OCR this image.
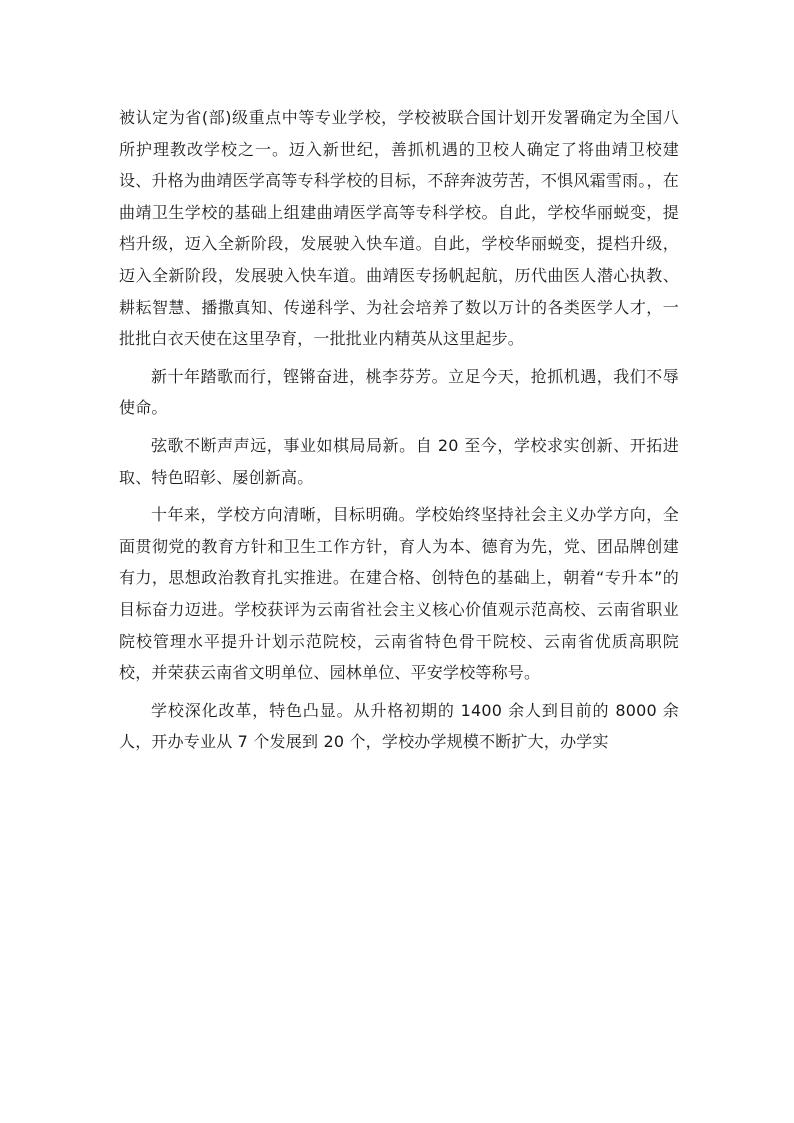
被认定为省(部)级重点中等专业学校，学校被联合国计划开发署确定为全国八所护理教改学校之一。迈入新世纪，善抓机遇的卫校人确定了将曲靖卫校建设、升格为曲靖医学高等专科学校的目标，不辞奔波劳苦，不惧风霜雪雨。，在曲靖卫生学校的基础上组建曲靖医学高等专科学校。自此，学校华丽蜕变，提档升级，迈入全新阶段，发展驶入快车道。自此，学校华丽蜕变，提档升级，迈入全新阶段，发展驶入快车道。曲靖医专扬帆起航，历代曲医人潜心执教、耕耘智慧、播撒真知、传递科学、为社会培养了数以万计的各类医学人才，一批批白衣天使在这里孕育，一批批业内精英从这里起步。

新十年踏歌而行，铿锵奋进，桃李芬芳。立足今天，抢抓机遇，我们不辱使命。

弦歌不断声声远，事业如棋局局新。自 20 至今，学校求实创新、开拓进取、特色昭彰、屡创新高。

十年来，学校方向清晰，目标明确。学校始终坚持社会主义办学方向，全面贯彻党的教育方针和卫生工作方针，育人为本、德育为先，党、团品牌创建有力，思想政治教育扎实推进。在建合格、创特色的基础上，朝着“专升本”的目标奋力迈进。学校获评为云南省社会主义核心价值观示范高校、云南省职业院校管理水平提升计划示范院校，云南省特色骨干院校、云南省优质高职院校，并荣获云南省文明单位、园林单位、平安学校等称号。

学校深化改革，特色凸显。从升格初期的 1400 余人到目前的 8000 余人，开办专业从 7 个发展到 20 个，学校办学规模不断扩大，办学实
